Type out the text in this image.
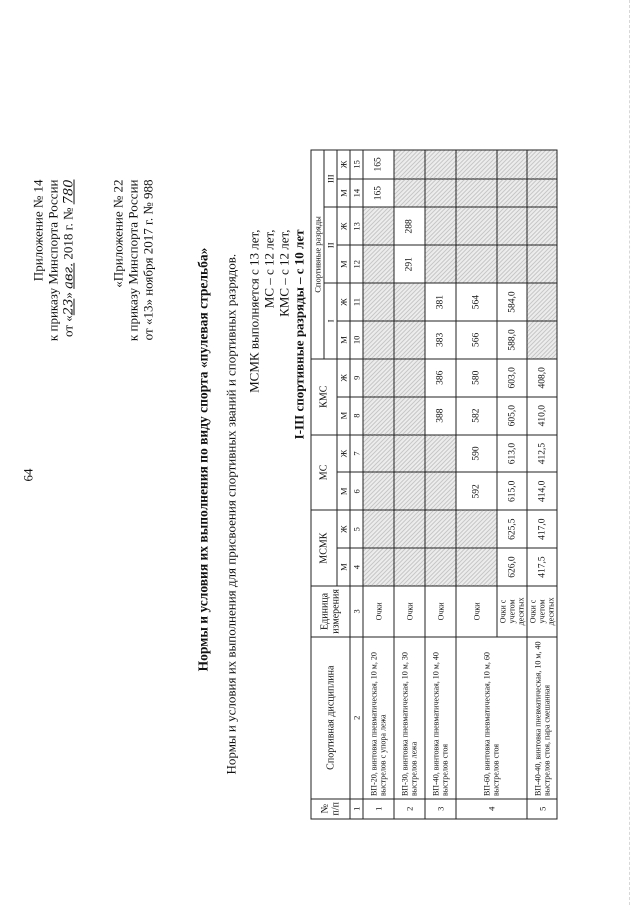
64
Приложение № 14 к приказу Минспорта России от «23» авг. 2018 г. № 780	«Приложение № 22 к приказу Минспорта России от «13» ноября 2017 г. № 988	Нормы и условия их выполнения по виду спорта «пулевая стрельба» Нормы и условия их выполнения для присвоения спортивных званий и спортивных разрядов. МСМК выполняется с 13 лет, МС – с 12 лет, КМС – с 12 лет, I-III спортивные разряды – с 10 лет
№ п/п	Спортивная дисциплина	Единица измерения	МСМК		МС		КМС		Спортивные разряды					
									I		II		III	
			М	Ж	М	Ж	М	Ж	М	Ж	М	Ж	М	Ж
1	2	3	4	5	6	7	8	9	10	11	12	13	14	15
1	ВП-20, винтовка пневматическая, 10 м, 20 выстрелов с упора лежа	Очки											165	165
2	ВП-30, винтовка пневматическая, 10 м, 30 выстрелов лежа	Очки									291	288		
3	ВП-40, винтовка пневматическая, 10 м, 40 выстрелов стоя	Очки					388	386	383	381				
4	ВП-60, винтовка пневматическая, 10 м, 60 выстрелов стоя	Очки			592	590	582	580	566	564				
		Очки с учетом десятых	626,0	625,5	615,0	613,0	605,0	603,0	588,0	584,0				
5	ВП-40-40, винтовка пневматическая, 10 м, 40 выстрелов стоя, пара смешанная	Очки с учетом десятых	417,5	417,0	414,0	412,5	410,0	408,0						
